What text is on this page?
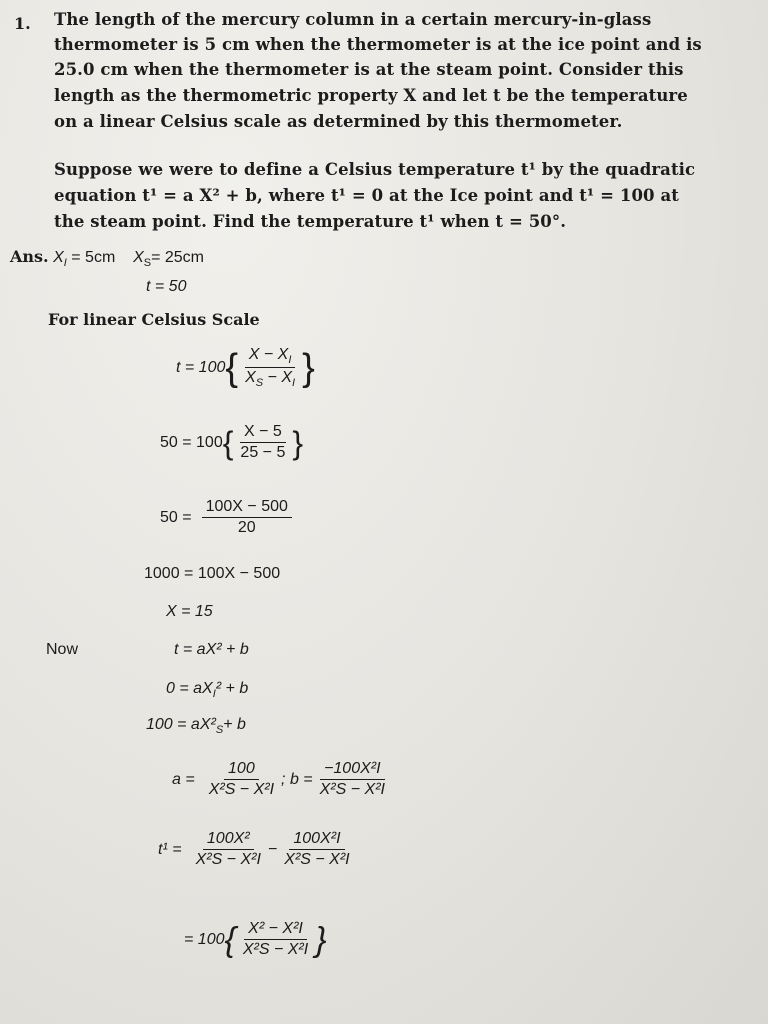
1. The length of the mercury column in a certain mercury-in-glass
thermometer is 5 cm when the thermometer is at the ice point and is
25.0 cm when the thermometer is at the steam point. Consider this
length as the thermometric property X and let t be the temperature
on a linear Celsius scale as determined by this thermometer.
Suppose we were to define a Celsius temperature t¹ by the quadratic
equation t¹ = a X² + b, where t¹ = 0 at the Ice point and t¹ = 100 at
the steam point. Find the temperature t¹ when t = 50°.
Ans. $X_I = 5cm$ $X_S= 25cm$
t = 50
For linear Celsius Scale
t = 100 { $\frac{X - X_I}{X_S - X_I}$ }
50 = 100 { $\frac{X - 5}{25 - 5}$ }
$50 = \frac{100X - 500}{20}$
1000 = 100X − 500
X = 15
Now	t = aX² + b
$0 = aX_I^2 + b$
$100 = aX^2_S+ b$
$a = \frac{100}{\text{X²S − X²I}}$ ; $b = \frac{\text{−100X²I}}{\text{X²S − X²I}}$
$t^1 = \frac{\text{100X²}}{\text{X²S − X²I}} - \frac{\text{100X²I}}{\text{X²S − X²I}}$
= 100 { $\frac{\text{X² − X²I}}{\text{X²S − X²I}}$ }
